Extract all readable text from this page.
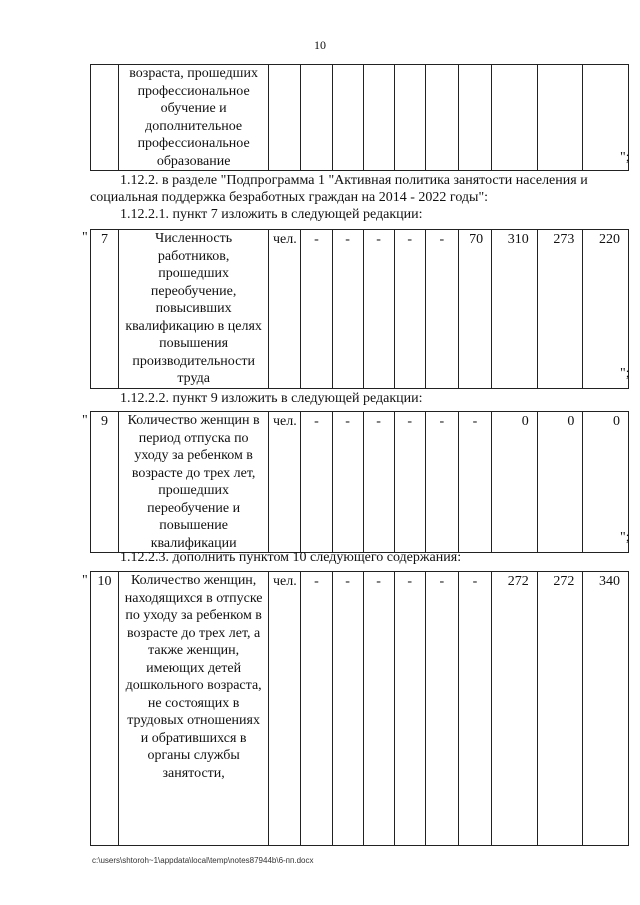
10
	возраста, прошедших профессиональное обучение и дополнительное профессиональное образование											";
1.12.2. в разделе "Подпрограмма 1 "Активная политика занятости населения и
социальная поддержка безработных граждан на 2014 - 2022 годы":
1.12.2.1. пункт 7 изложить в следующей редакции:
" 7	Численность работников, прошедших переобучение, повысивших квалификацию в целях повышения производительности труда	чел.	-	-	-	-	-	70	310	273	220
";
1.12.2.2. пункт 9 изложить в следующей редакции:
" 9	Количество женщин в период отпуска по уходу за ребенком в возрасте до трех лет, прошедших переобучение и повышение квалификации	чел.	-	-	-	-	-	-	0	0	0
";
1.12.2.3. дополнить пунктом 10 следующего содержания:
" 10	Количество женщин, находящихся в отпуске по уходу за ребенком в возрасте до трех лет, а также женщин, имеющих детей дошкольного возраста, не состоящих в трудовых отношениях и обратившихся в органы службы занятости,	чел.	-	-	-	-	-	-	272	272	340
c:\users\shtoroh~1\appdata\local\temp\notes87944b\6-пп.docx
